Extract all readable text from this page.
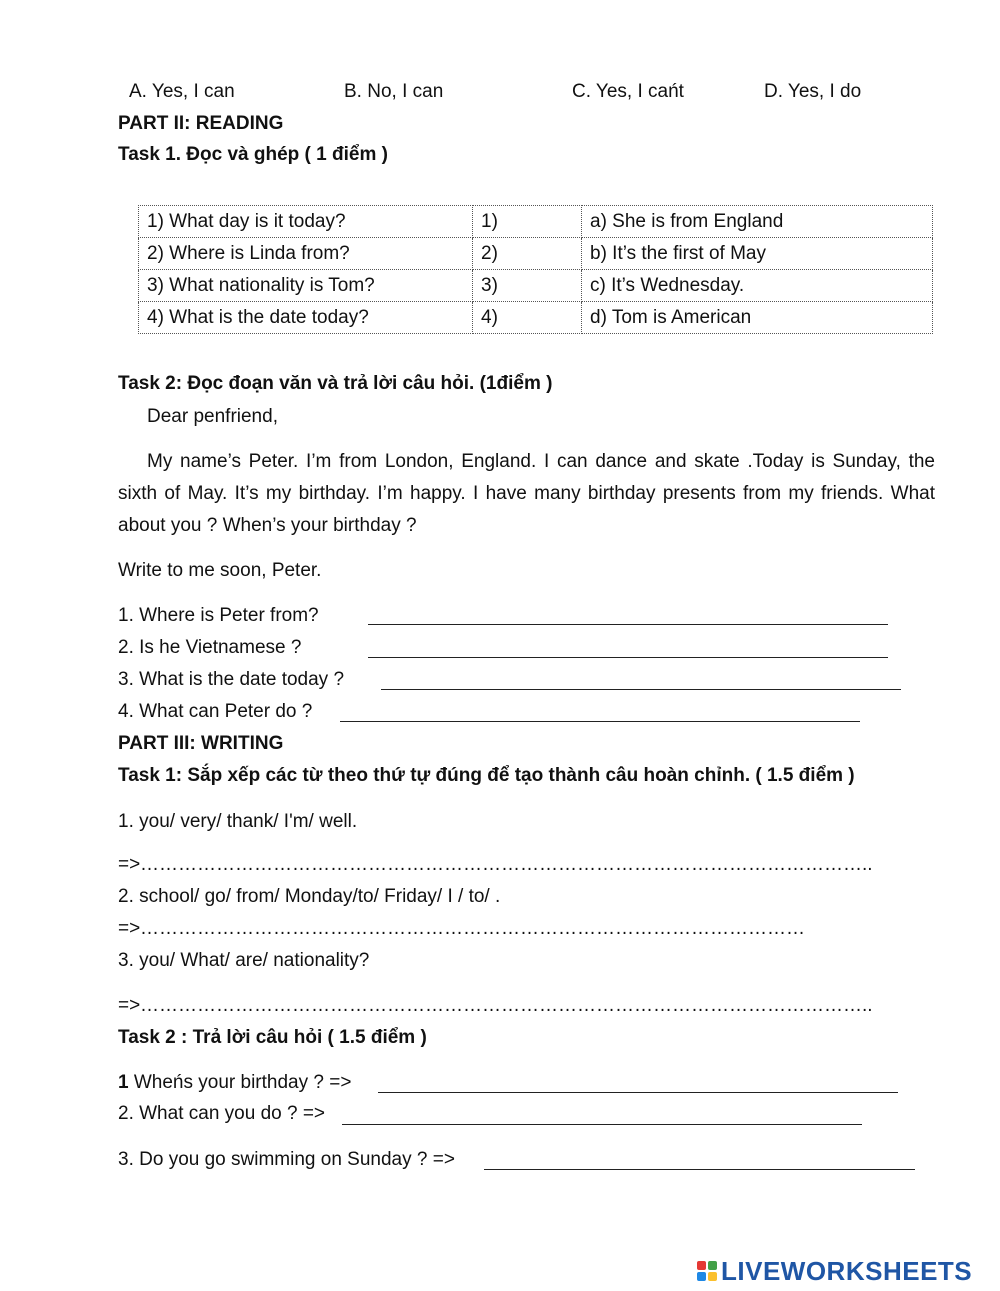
A. Yes, I can	B. No, I can	C. Yes, I cańt	D. Yes, I do
PART II: READING
Task 1. Đọc và ghép ( 1 điểm )
1) What day is it today?	1)	a) She is from England
2) Where is Linda from?	2)	b) It’s the first of May
3) What nationality is Tom?	3)	c) It’s Wednesday.
4) What is the date today?	4)	d) Tom is American
Task 2: Đọc đoạn văn và trả lời câu hỏi. (1điểm )
Dear penfriend,
My name’s Peter. I’m from London, England. I can dance and skate .Today is Sunday, the sixth of May. It’s my birthday. I’m happy. I have many birthday presents from my friends. What about you ? When’s your birthday ?
Write to me soon, Peter.
1. Where is Peter from?
2. Is he Vietnamese ?
3. What is the date today ?
4. What can Peter do ?
PART III: WRITING
Task 1: Sắp xếp các từ theo thứ tự đúng để tạo thành câu hoàn chỉnh. ( 1.5 điểm )
1. you/ very/ thank/ I'm/ well.
=> ……………………………………………………………………………………………………..
2. school/ go/ from/ Monday/to/ Friday/ I / to/ .
=> ……………………………………………………………………………………………
3. you/ What/ are/ nationality?
=> ……………………………………………………………………………………………………..
Task 2 : Trả lời câu hỏi ( 1.5 điểm )
1 Wheńs your birthday ? =>
2. What can you do ? =>
3. Do you go swimming on Sunday ? =>
LIVEWORKSHEETS
